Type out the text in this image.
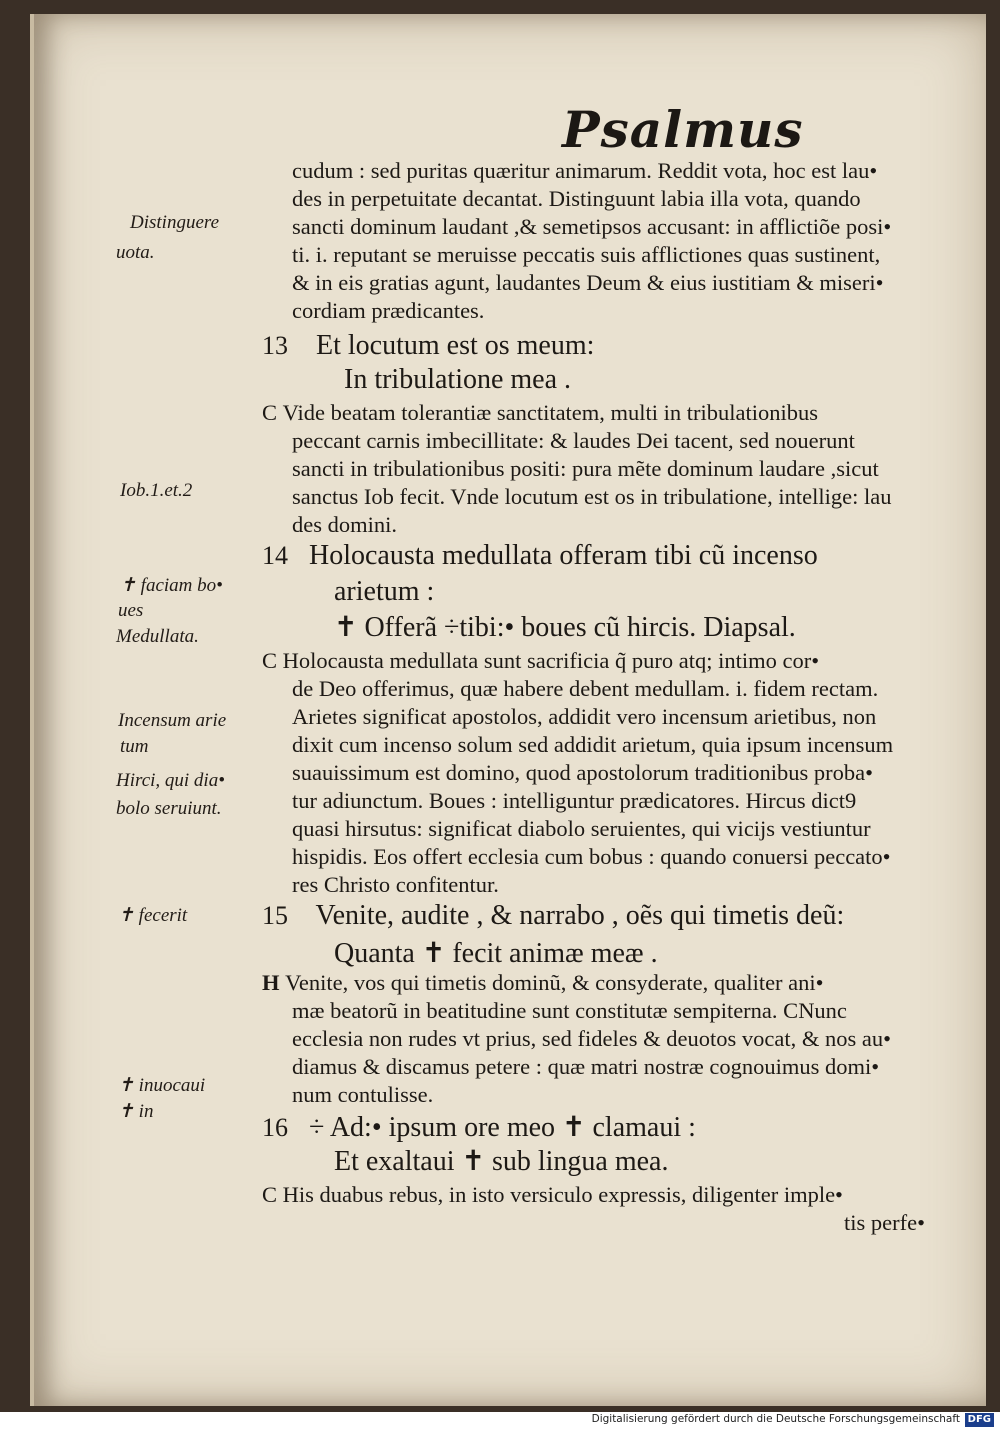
Psalmus
cudum : sed puritas quæritur animarum. Reddit vota, hoc est lau•
des in perpetuitate decantat. Distinguunt labia illa vota, quando
sancti dominum laudant ,& semetipsos accusant: in afflictiõe posi•
ti. i. reputant se meruisse peccatis suis afflictiones quas sustinent,
& in eis gratias agunt, laudantes Deum & eius iustitiam & miseri•
cordiam prædicantes.
13 Et locutum est os meum:
In tribulatione mea .
C Vide beatam tolerantiæ sanctitatem, multi in tribulationibus
peccant carnis imbecillitate: & laudes Dei tacent, sed nouerunt
sancti in tribulationibus positi: pura mẽte dominum laudare ,sicut
sanctus Iob fecit. Vnde locutum est os in tribulatione, intellige: lau
des domini.
14 Holocausta medullata offeram tibi cũ incenso
arietum :
✝ Offerã ÷tibi:• boues cũ hircis. Diapsal.
C Holocausta medullata sunt sacrificia q̃ puro atq; intimo cor•
de Deo offerimus, quæ habere debent medullam. i. fidem rectam.
Arietes significat apostolos, addidit vero incensum arietibus, non
dixit cum incenso solum sed addidit arietum, quia ipsum incensum
suauissimum est domino, quod apostolorum traditionibus proba•
tur adiunctum. Boues : intelliguntur prædicatores. Hircus dict9
quasi hirsutus: significat diabolo seruientes, qui vicijs vestiuntur
hispidis. Eos offert ecclesia cum bobus : quando conuersi peccato•
res Christo confitentur.
15 Venite, audite , & narrabo , oẽs qui timetis deũ:
Quanta ✝ fecit animæ meæ .
H Venite, vos qui timetis dominũ, & consyderate, qualiter ani•
mæ beatorũ in beatitudine sunt constitutæ sempiterna. CNunc
ecclesia non rudes vt prius, sed fideles & deuotos vocat, & nos au•
diamus & discamus petere : quæ matri nostræ cognouimus domi•
num contulisse.
16 ÷ Ad:• ipsum ore meo ✝ clamaui :
Et exaltaui ✝ sub lingua mea.
C His duabus rebus, in isto versiculo expressis, diligenter imple•
tis perfe•
Distinguere
uota.
Iob.1.et.2
✝ faciam bo•
ues
Medullata.
Incensum arie
tum
Hirci, qui dia•
bolo seruiunt.
✝ fecerit
✝ inuocaui
✝ in
Digitalisierung gefördert durch die Deutsche Forschungsgemeinschaft DFG
